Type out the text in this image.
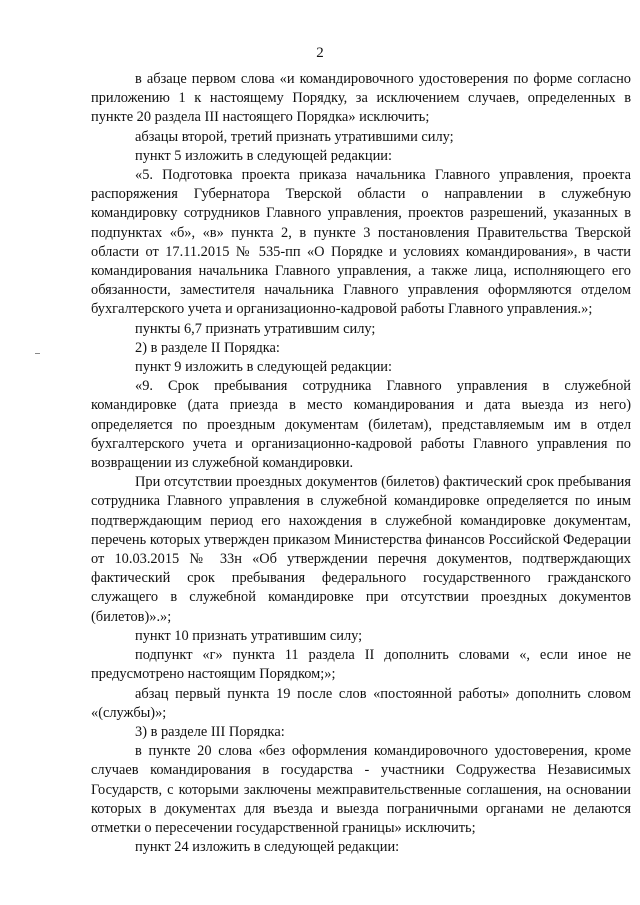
2

в абзаце первом слова «и командировочного удостоверения по форме согласно приложению 1 к настоящему Порядку, за исключением случаев, определенных в пункте 20 раздела III настоящего Порядка» исключить;

абзацы второй, третий признать утратившими силу;

пункт 5 изложить в следующей редакции:

«5. Подготовка проекта приказа начальника Главного управления, проекта распоряжения Губернатора Тверской области о направлении в служебную командировку сотрудников Главного управления, проектов разрешений, указанных в подпунктах «б», «в» пункта 2, в пункте 3 постановления Правительства Тверской области от 17.11.2015 № 535-пп «О Порядке и условиях командирования», в части командирования начальника Главного управления, а также лица, исполняющего его обязанности, заместителя начальника Главного управления оформляются отделом бухгалтерского учета и организационно-кадровой работы Главного управления.»;

пункты 6,7 признать утратившим силу;

2) в разделе II Порядка:

пункт 9 изложить в следующей редакции:

«9. Срок пребывания сотрудника Главного управления в служебной командировке (дата приезда в место командирования и дата выезда из него) определяется по проездным документам (билетам), представляемым им в отдел бухгалтерского учета и организационно-кадровой работы Главного управления по возвращении из служебной командировки.

При отсутствии проездных документов (билетов) фактический срок пребывания сотрудника Главного управления в служебной командировке определяется по иным подтверждающим период его нахождения в служебной командировке документам, перечень которых утвержден приказом Министерства финансов Российской Федерации от 10.03.2015 № 33н «Об утверждении перечня документов, подтверждающих фактический срок пребывания федерального государственного гражданского служащего в служебной командировке при отсутствии проездных документов (билетов)».»;

пункт 10 признать утратившим силу;

подпункт «г» пункта 11 раздела II дополнить словами «, если иное не предусмотрено настоящим Порядком;»;

абзац первый пункта 19 после слов «постоянной работы» дополнить словом «(службы)»;

3) в разделе III Порядка:

в пункте 20 слова «без оформления командировочного удостоверения, кроме случаев командирования в государства - участники Содружества Независимых Государств, с которыми заключены межправительственные соглашения, на основании которых в документах для въезда и выезда пограничными органами не делаются отметки о пересечении государственной границы» исключить;

пункт 24 изложить в следующей редакции:
